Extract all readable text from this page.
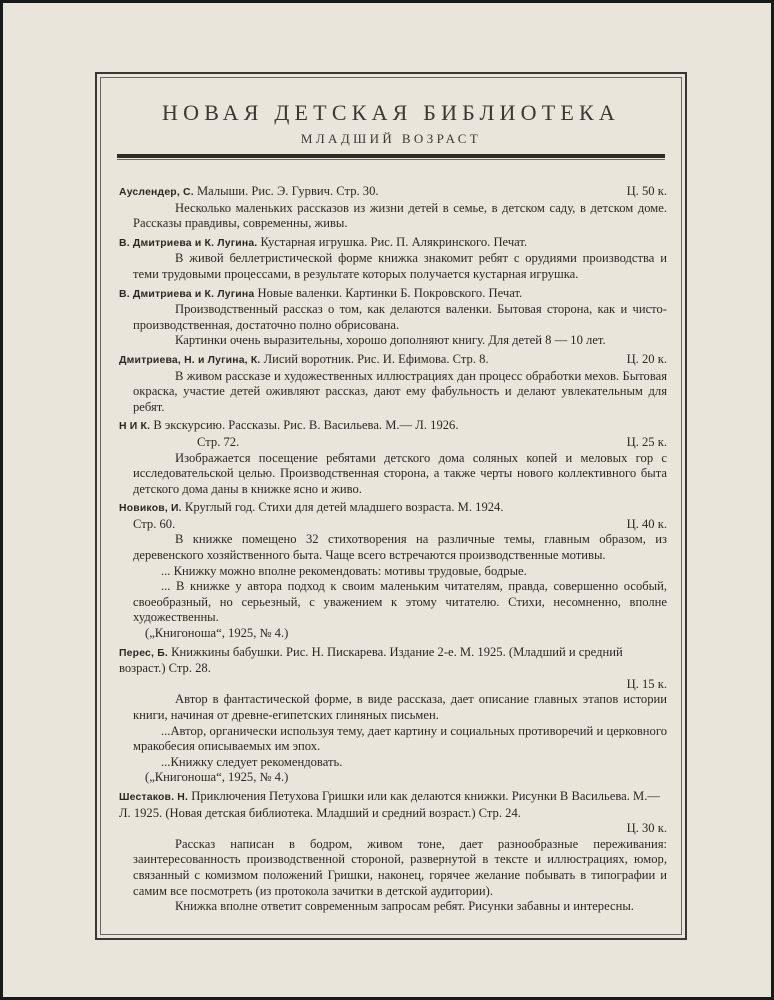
НОВАЯ ДЕТСКАЯ БИБЛИОТЕКА
МЛАДШИЙ ВОЗРАСТ
Ауслендер, С. Малыши. Рис. Э. Гурвич. Стр. 30.	Ц. 50 к.

Несколько маленьких рассказов из жизни детей в семье, в детском саду, в детском доме. Рассказы правдивы, современны, живы.

В. Дмитриева и К. Лугина. Кустарная игрушка. Рис. П. Алякринского. Печат.

В живой беллетристической форме книжка знакомит ребят с орудиями производства и теми трудовыми процессами, в результате которых получается кустарная игрушка.

В. Дмитриева и К. Лугина Новые валенки. Картинки Б. Покровского. Печат.

Производственный рассказ о том, как делаются валенки. Бытовая сторона, как и чисто-производственная, достаточно полно обрисована.

Картинки очень выразительны, хорошо дополняют книгу. Для детей 8 — 10 лет.

Дмитриева, Н. и Лугина, К. Лисий воротник. Рис. И. Ефимова. Стр. 8.	Ц. 20 к.

В живом рассказе и художественных иллюстрациях дан процесс обработки мехов. Бытовая окраска, участие детей оживляют рассказ, дают ему фабульность и делают увлекательным для ребят.

Н И К. В экскурсию. Рассказы. Рис. В. Васильева. М.— Л. 1926.
Стр. 72.	Ц. 25 к.

Изображается посещение ребятами детского дома соляных копей и меловых гор с исследовательской целью. Производственная сторона, а также черты нового коллективного быта детского дома даны в книжке ясно и живо.

Новиков, И. Круглый год. Стихи для детей младшего возраста. М. 1924.
Стр. 60.	Ц. 40 к.

В книжке помещено 32 стихотворения на различные темы, главным образом, из деревенского хозяйственного быта. Чаще всего встречаются производственные мотивы.

... Книжку можно вполне рекомендовать: мотивы трудовые, бодрые.

... В книжке у автора подход к своим маленьким читателям, правда, совершенно особый, своеобразный, но серьезный, с уважением к этому читателю. Стихи, несомненно, вполне художественны.

(„Книгоноша“, 1925, № 4.)

Перес, Б. Книжкины бабушки. Рис. Н. Пискарева. Издание 2-е. М. 1925. (Младший и средний возраст.) Стр. 28.

Ц. 15 к.

Автор в фантастической форме, в виде рассказа, дает описание главных этапов истории книги, начиная от древне-египетских глиняных письмен.

...Автор, органически используя тему, дает картину и социальных противоречий и церковного мракобесия описываемых им эпох.

...Книжку следует рекомендовать.

(„Книгоноша“, 1925, № 4.)

Шестаков. Н. Приключения Петухова Гришки или как делаются книжки. Рисунки В Васильева. М.— Л. 1925. (Новая детская библиотека. Младший и средний возраст.) Стр. 24.

Ц. 30 к.

Рассказ написан в бодром, живом тоне, дает разнообразные переживания: заинтересованность производственной стороной, развернутой в тексте и иллюстрациях, юмор, связанный с комизмом положений Гришки, наконец, горячее желание побывать в типографии и самим все посмотреть (из протокола зачитки в детской аудитории).

Книжка вполне ответит современным запросам ребят. Рисунки забавны и интересны.
